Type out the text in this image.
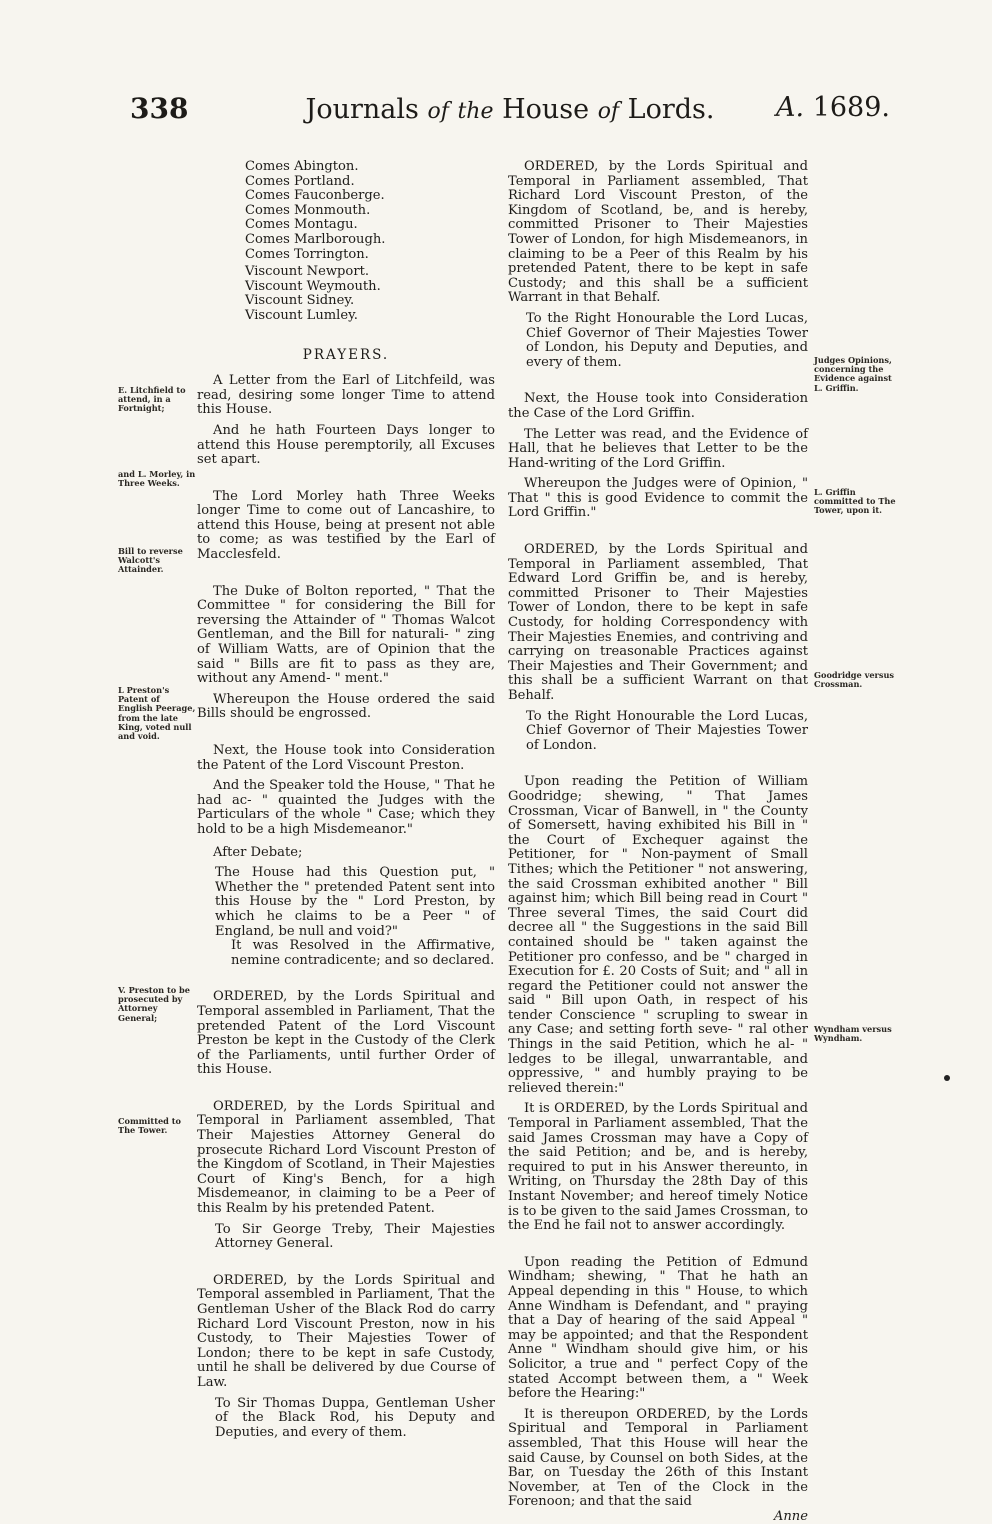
338	Journals of the House of Lords.	A. 1689.
E. Litchfield to attend, in a Fortnight;
and L. Morley, in Three Weeks.
Bill to reverse Walcott's Attainder.
L Preston's Patent of English Peerage, from the late King, voted null and void.
V. Preston to be prosecuted by Attorney General;
Committed to The Tower.
Judges Opinions, concerning the Evidence against L. Griffin.
L. Griffin committed to The Tower, upon it.
Goodridge versus Crossman.
Wyndham versus Wyndham.

Comes Abington.

Comes Portland.

Comes Fauconberge.

Comes Monmouth.

Comes Montagu.

Comes Marlborough.

Comes Torrington.

Viscount Newport.

Viscount Weymouth.

Viscount Sidney.

Viscount Lumley.

PRAYERS.

A Letter from the Earl of Litchfeild, was read, desiring some longer Time to attend this House.

And he hath Fourteen Days longer to attend this House peremptorily, all Excuses set apart.

The Lord Morley hath Three Weeks longer Time to come out of Lancashire, to attend this House, being at present not able to come; as was testified by the Earl of Macclesfeld.

The Duke of Bolton reported, " That the Committee " for considering the Bill for reversing the Attainder of " Thomas Walcot Gentleman, and the Bill for naturali- " zing of William Watts, are of Opinion that the said " Bills are fit to pass as they are, without any Amend- " ment."

Whereupon the House ordered the said Bills should be engrossed.

Next, the House took into Consideration the Patent of the Lord Viscount Preston.

And the Speaker told the House, " That he had ac- " quainted the Judges with the Particulars of the whole " Case; which they hold to be a high Misdemeanor."

After Debate;

The House had this Question put, " Whether the " pretended Patent sent into this House by the " Lord Preston, by which he claims to be a Peer " of England, be null and void?"

It was Resolved in the Affirmative, nemine contradicente; and so declared.

ORDERED, by the Lords Spiritual and Temporal assembled in Parliament, That the pretended Patent of the Lord Viscount Preston be kept in the Custody of the Clerk of the Parliaments, until further Order of this House.

ORDERED, by the Lords Spiritual and Temporal in Parliament assembled, That Their Majesties Attorney General do prosecute Richard Lord Viscount Preston of the Kingdom of Scotland, in Their Majesties Court of King's Bench, for a high Misdemeanor, in claiming to be a Peer of this Realm by his pretended Patent.

To Sir George Treby, Their Majesties Attorney General.

ORDERED, by the Lords Spiritual and Temporal assembled in Parliament, That the Gentleman Usher of the Black Rod do carry Richard Lord Viscount Preston, now in his Custody, to Their Majesties Tower of London; there to be kept in safe Custody, until he shall be delivered by due Course of Law.

To Sir Thomas Duppa, Gentleman Usher of the Black Rod, his Deputy and Deputies, and every of them.

ORDERED, by the Lords Spiritual and Temporal in Parliament assembled, That Richard Lord Viscount Preston, of the Kingdom of Scotland, be, and is hereby, committed Prisoner to Their Majesties Tower of London, for high Misdemeanors, in claiming to be a Peer of this Realm by his pretended Patent, there to be kept in safe Custody; and this shall be a sufficient Warrant in that Behalf.

To the Right Honourable the Lord Lucas, Chief Governor of Their Majesties Tower of London, his Deputy and Deputies, and every of them.

Next, the House took into Consideration the Case of the Lord Griffin.

The Letter was read, and the Evidence of Hall, that he believes that Letter to be the Hand-writing of the Lord Griffin.

Whereupon the Judges were of Opinion, " That " this is good Evidence to commit the Lord Griffin."

ORDERED, by the Lords Spiritual and Temporal in Parliament assembled, That Edward Lord Griffin be, and is hereby, committed Prisoner to Their Majesties Tower of London, there to be kept in safe Custody, for holding Correspondency with Their Majesties Enemies, and contriving and carrying on treasonable Practices against Their Majesties and Their Government; and this shall be a sufficient Warrant on that Behalf.

To the Right Honourable the Lord Lucas, Chief Governor of Their Majesties Tower of London.

Upon reading the Petition of William Goodridge; shewing, " That James Crossman, Vicar of Banwell, in " the County of Somersett, having exhibited his Bill in " the Court of Exchequer against the Petitioner, for " Non-payment of Small Tithes; which the Petitioner " not answering, the said Crossman exhibited another " Bill against him; which Bill being read in Court " Three several Times, the said Court did decree all " the Suggestions in the said Bill contained should be " taken against the Petitioner pro confesso, and be " charged in Execution for £. 20 Costs of Suit; and " all in regard the Petitioner could not answer the said " Bill upon Oath, in respect of his tender Conscience " scrupling to swear in any Case; and setting forth seve- " ral other Things in the said Petition, which he al- " ledges to be illegal, unwarrantable, and oppressive, " and humbly praying to be relieved therein:"

It is ORDERED, by the Lords Spiritual and Temporal in Parliament assembled, That the said James Crossman may have a Copy of the said Petition; and be, and is hereby, required to put in his Answer thereunto, in Writing, on Thursday the 28th Day of this Instant November; and hereof timely Notice is to be given to the said James Crossman, to the End he fail not to answer accordingly.

Upon reading the Petition of Edmund Windham; shewing, " That he hath an Appeal depending in this " House, to which Anne Windham is Defendant, and " praying that a Day of hearing of the said Appeal " may be appointed; and that the Respondent Anne " Windham should give him, or his Solicitor, a true and " perfect Copy of the stated Accompt between them, a " Week before the Hearing:"

It is thereupon ORDERED, by the Lords Spiritual and Temporal in Parliament assembled, That this House will hear the said Cause, by Counsel on both Sides, at the Bar, on Tuesday the 26th of this Instant November, at Ten of the Clock in the Forenoon; and that the said

Anne
